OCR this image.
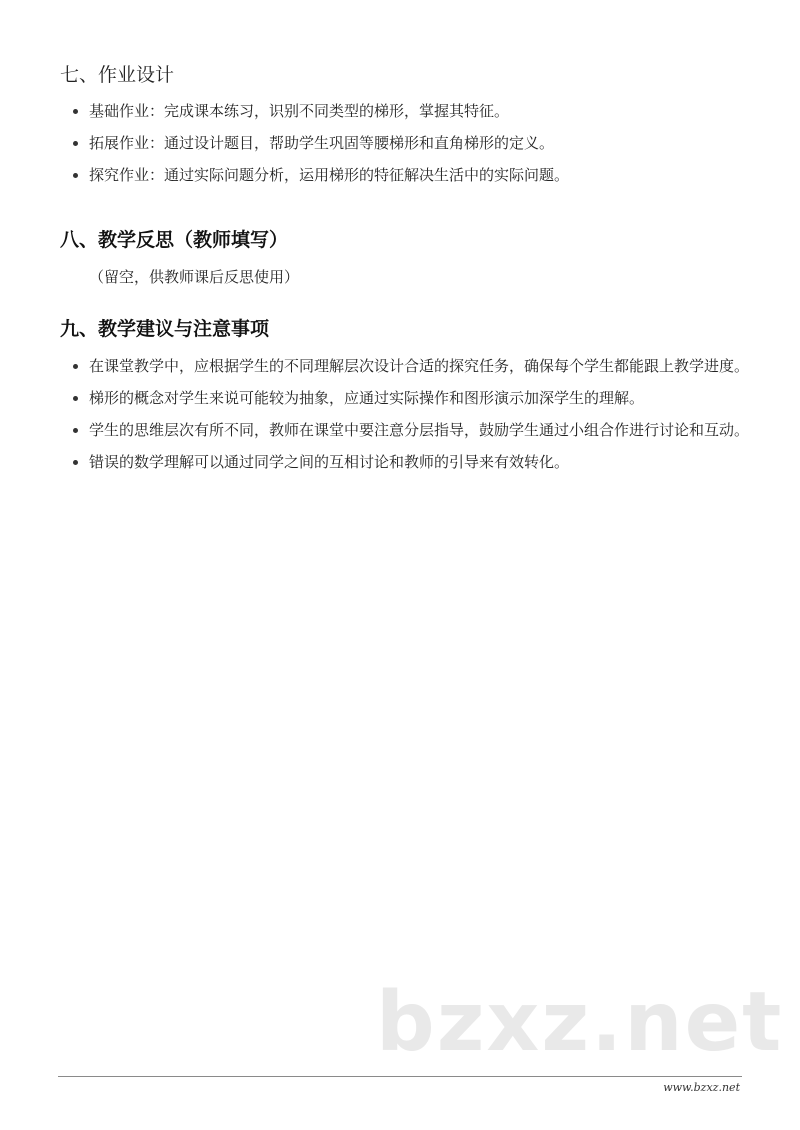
七、作业设计
基础作业：完成课本练习，识别不同类型的梯形，掌握其特征。
拓展作业：通过设计题目，帮助学生巩固等腰梯形和直角梯形的定义。
探究作业：通过实际问题分析，运用梯形的特征解决生活中的实际问题。
八、教学反思（教师填写）
（留空，供教师课后反思使用）
九、教学建议与注意事项
在课堂教学中，应根据学生的不同理解层次设计合适的探究任务，确保每个学生都能跟上教学进度。
梯形的概念对学生来说可能较为抽象，应通过实际操作和图形演示加深学生的理解。
学生的思维层次有所不同，教师在课堂中要注意分层指导，鼓励学生通过小组合作进行讨论和互动。
错误的数学理解可以通过同学之间的互相讨论和教师的引导来有效转化。
bzxz.net
www.bzxz.net
